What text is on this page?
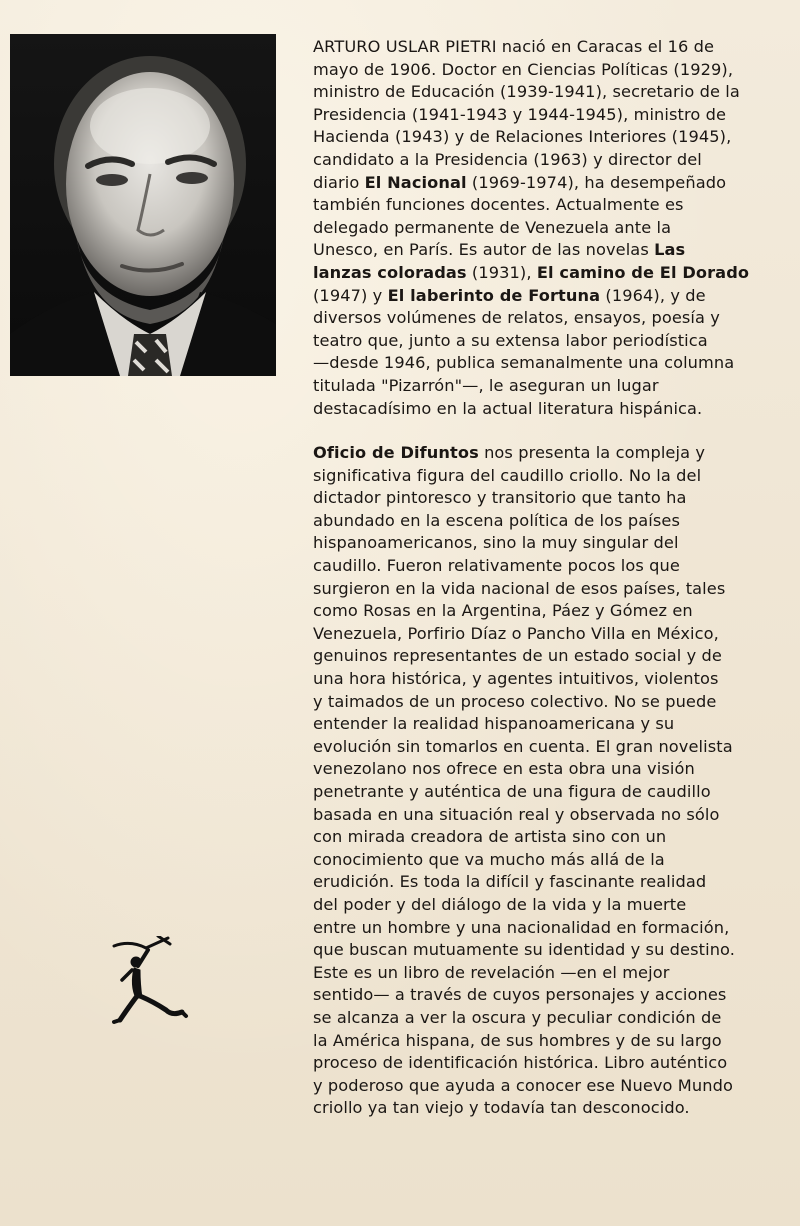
ARTURO USLAR PIETRI nació en Caracas el 16 de
mayo de 1906. Doctor en Ciencias Políticas (1929),
ministro de Educación (1939-1941), secretario de la
Presidencia (1941-1943 y 1944-1945), ministro de
Hacienda (1943) y de Relaciones Interiores (1945),
candidato a la Presidencia (1963) y director del
diario El Nacional (1969-1974), ha desempeñado
también funciones docentes. Actualmente es
delegado permanente de Venezuela ante la
Unesco, en París. Es autor de las novelas Las
lanzas coloradas (1931), El camino de El Dorado
(1947) y El laberinto de Fortuna (1964), y de
diversos volúmenes de relatos, ensayos, poesía y
teatro que, junto a su extensa labor periodística
—desde 1946, publica semanalmente una columna
titulada "Pizarrón"—, le aseguran un lugar
destacadísimo en la actual literatura hispánica.

Oficio de Difuntos nos presenta la compleja y
significativa figura del caudillo criollo. No la del
dictador pintoresco y transitorio que tanto ha
abundado en la escena política de los países
hispanoamericanos, sino la muy singular del
caudillo. Fueron relativamente pocos los que
surgieron en la vida nacional de esos países, tales
como Rosas en la Argentina, Páez y Gómez en
Venezuela, Porfirio Díaz o Pancho Villa en México,
genuinos representantes de un estado social y de
una hora histórica, y agentes intuitivos, violentos
y taimados de un proceso colectivo. No se puede
entender la realidad hispanoamericana y su
evolución sin tomarlos en cuenta. El gran novelista
venezolano nos ofrece en esta obra una visión
penetrante y auténtica de una figura de caudillo
basada en una situación real y observada no sólo
con mirada creadora de artista sino con un
conocimiento que va mucho más allá de la
erudición. Es toda la difícil y fascinante realidad
del poder y del diálogo de la vida y la muerte
entre un hombre y una nacionalidad en formación,
que buscan mutuamente su identidad y su destino.
Este es un libro de revelación —en el mejor
sentido— a través de cuyos personajes y acciones
se alcanza a ver la oscura y peculiar condición de
la América hispana, de sus hombres y de su largo
proceso de identificación histórica. Libro auténtico
y poderoso que ayuda a conocer ese Nuevo Mundo
criollo ya tan viejo y todavía tan desconocido.
